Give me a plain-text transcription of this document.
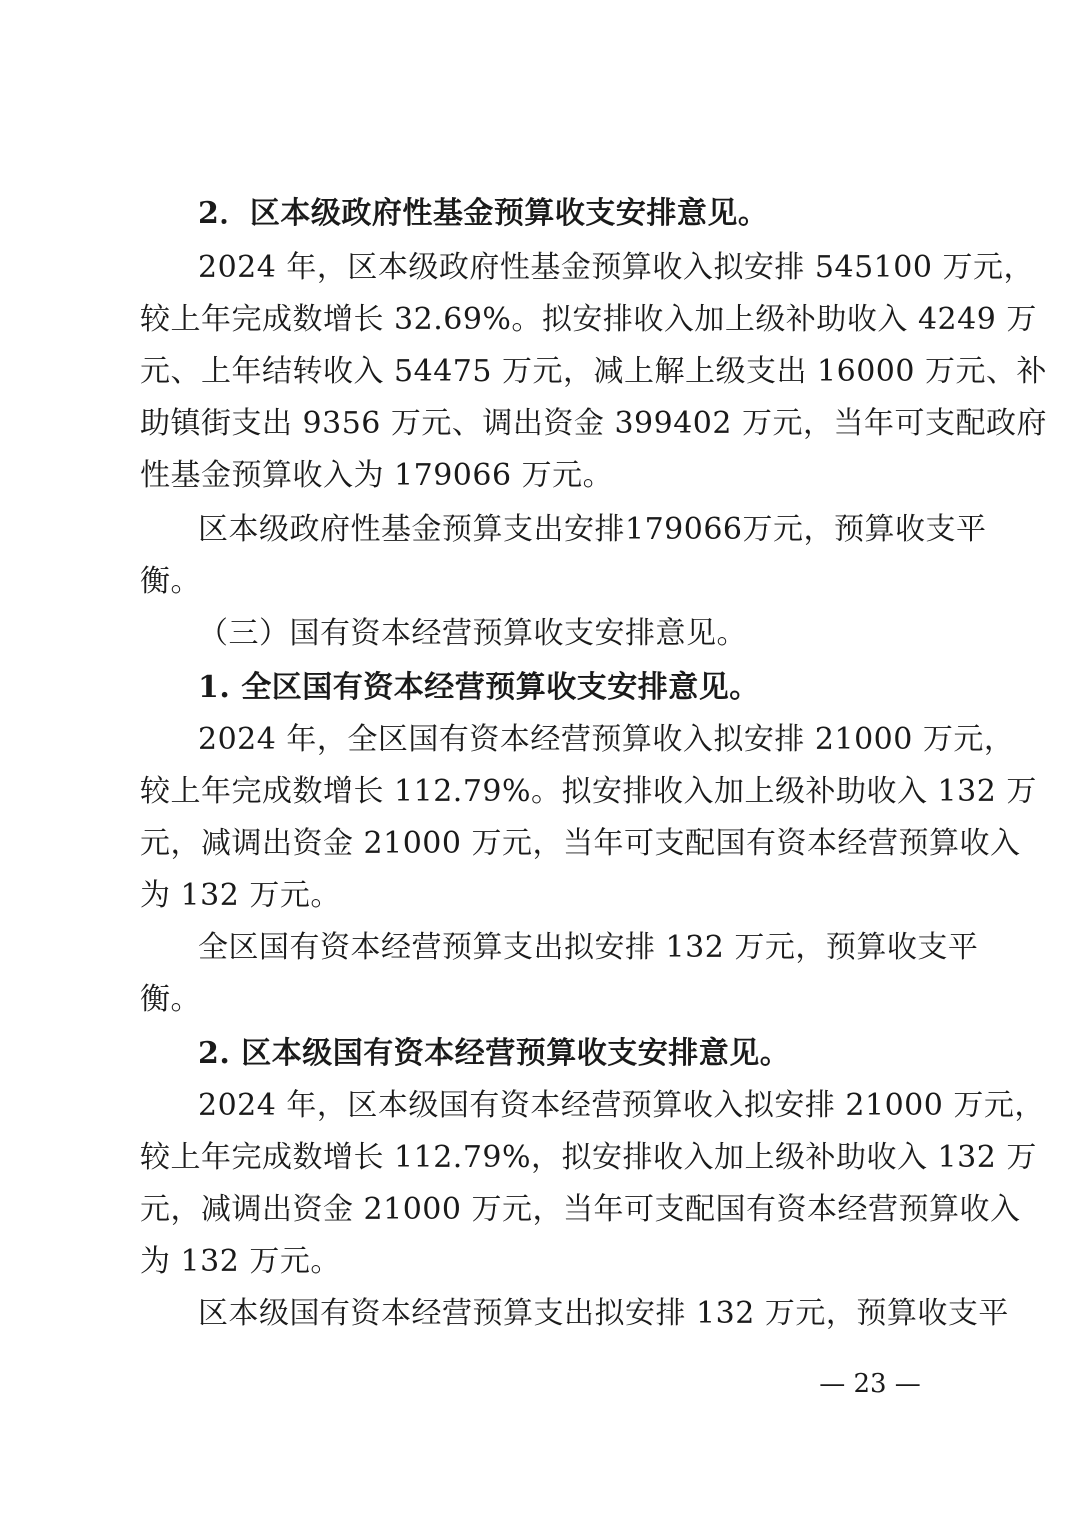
2．区本级政府性基金预算收支安排意见。
2024 年，区本级政府性基金预算收入拟安排 545100 万元，
较上年完成数增长 32.69%。拟安排收入加上级补助收入 4249 万
元、上年结转收入 54475 万元，减上解上级支出 16000 万元、补
助镇街支出 9356 万元、调出资金 399402 万元，当年可支配政府
性基金预算收入为 179066 万元。
区本级政府性基金预算支出安排179066万元，预算收支平
衡。
（三）国有资本经营预算收支安排意见。
1. 全区国有资本经营预算收支安排意见。
2024 年，全区国有资本经营预算收入拟安排 21000 万元，
较上年完成数增长 112.79%。拟安排收入加上级补助收入 132 万
元，减调出资金 21000 万元，当年可支配国有资本经营预算收入
为 132 万元。
全区国有资本经营预算支出拟安排 132 万元，预算收支平
衡。
2. 区本级国有资本经营预算收支安排意见。
2024 年，区本级国有资本经营预算收入拟安排 21000 万元，
较上年完成数增长 112.79%，拟安排收入加上级补助收入 132 万
元，减调出资金 21000 万元，当年可支配国有资本经营预算收入
为 132 万元。
区本级国有资本经营预算支出拟安排 132 万元，预算收支平
— 23 —
